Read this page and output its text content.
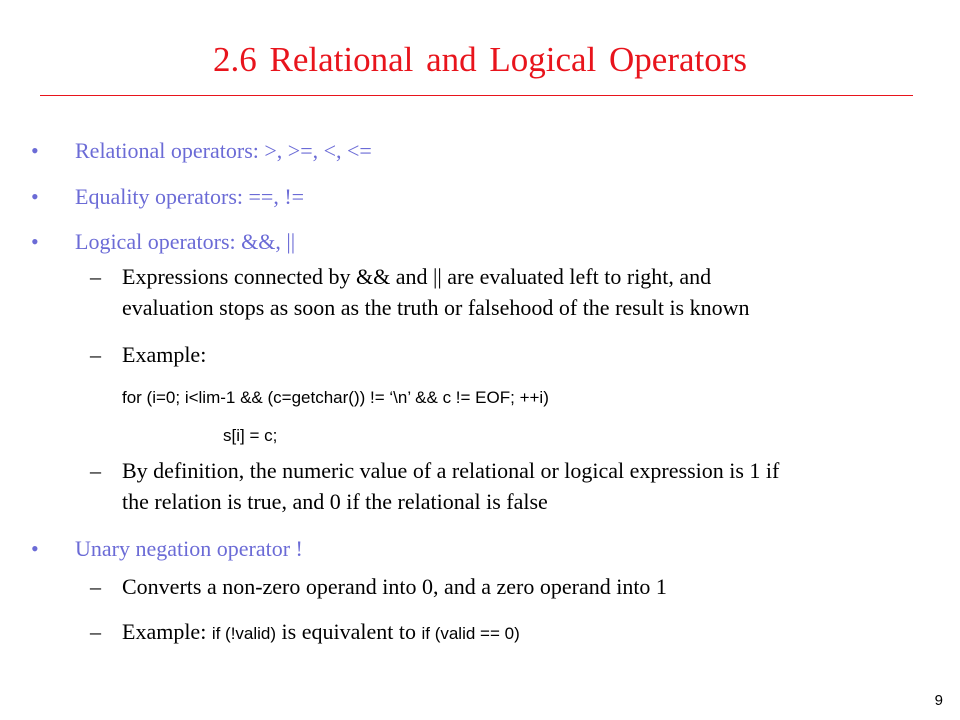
2.6 Relational and Logical Operators
• Relational operators: >, >=, <, <=
• Equality operators: ==, !=
• Logical operators: &&, ||
– Expressions connected by && and || are evaluated left to right, and
evaluation stops as soon as the truth or falsehood of the result is known
– Example:
for (i=0; i<lim-1 && (c=getchar()) != ‘\n’ && c != EOF; ++i)
s[i] = c;
– By definition, the numeric value of a relational or logical expression is 1 if
the relation is true, and 0 if the relational is false
• Unary negation operator !
– Converts a non-zero operand into 0, and a zero operand into 1
– Example: if (!valid) is equivalent to if (valid == 0)
9
